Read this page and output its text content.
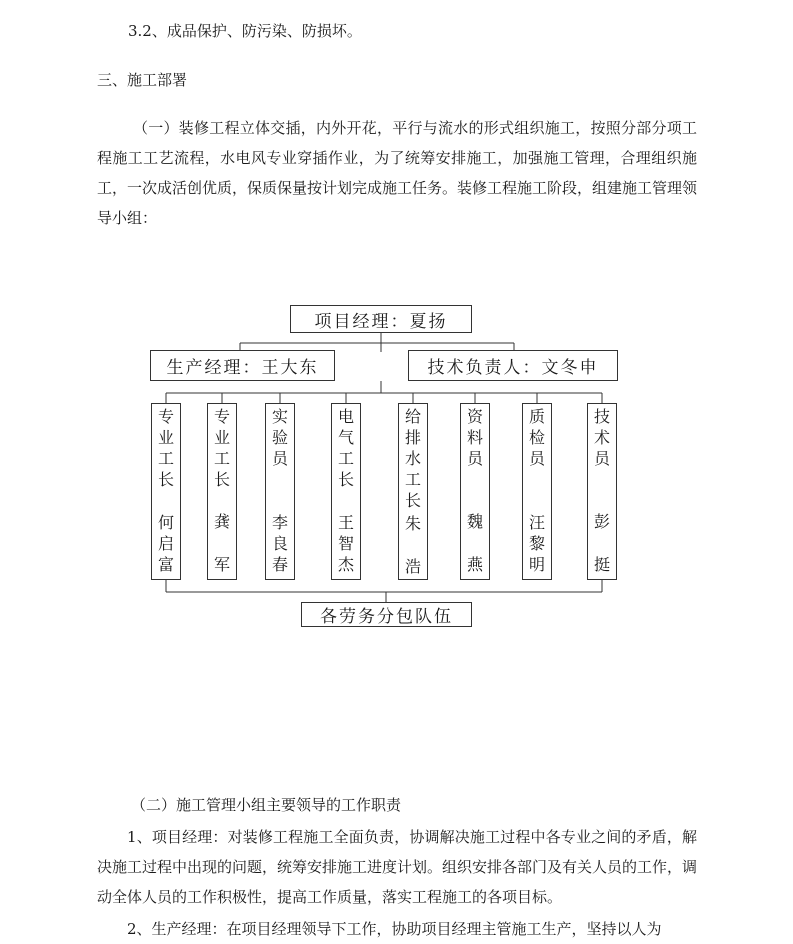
3.2、成品保护、防污染、防损坏。
三、施工部署

（一）装修工程立体交插，内外开花，平行与流水的形式组织施工，按照分部分项工程施工工艺流程，水电风专业穿插作业，为了统筹安排施工，加强施工管理，合理组织施工，一次成活创优质，保质保量按计划完成施工任务。装修工程施工阶段，组建施工管理领导小组：

项目经理：夏扬
生产经理：王大东	技术负责人：文冬申
专
业
工
长
何
启
富
专
业
工
长
龚
军
实
验
员
李
良
春
电
气
工
长
王
智
杰
给
排
水
工
长
朱
浩
资
料
员
魏
燕
质
检
员
汪
黎
明
技
术
员
彭
挺
各劳务分包队伍
（二）施工管理小组主要领导的工作职责

1、项目经理：对装修工程施工全面负责，协调解决施工过程中各专业之间的矛盾，解决施工过程中出现的问题，统筹安排施工进度计划。组织安排各部门及有关人员的工作，调动全体人员的工作积极性，提高工作质量，落实工程施工的各项目标。

2、生产经理：在项目经理领导下工作，协助项目经理主管施工生产，坚持以人为
